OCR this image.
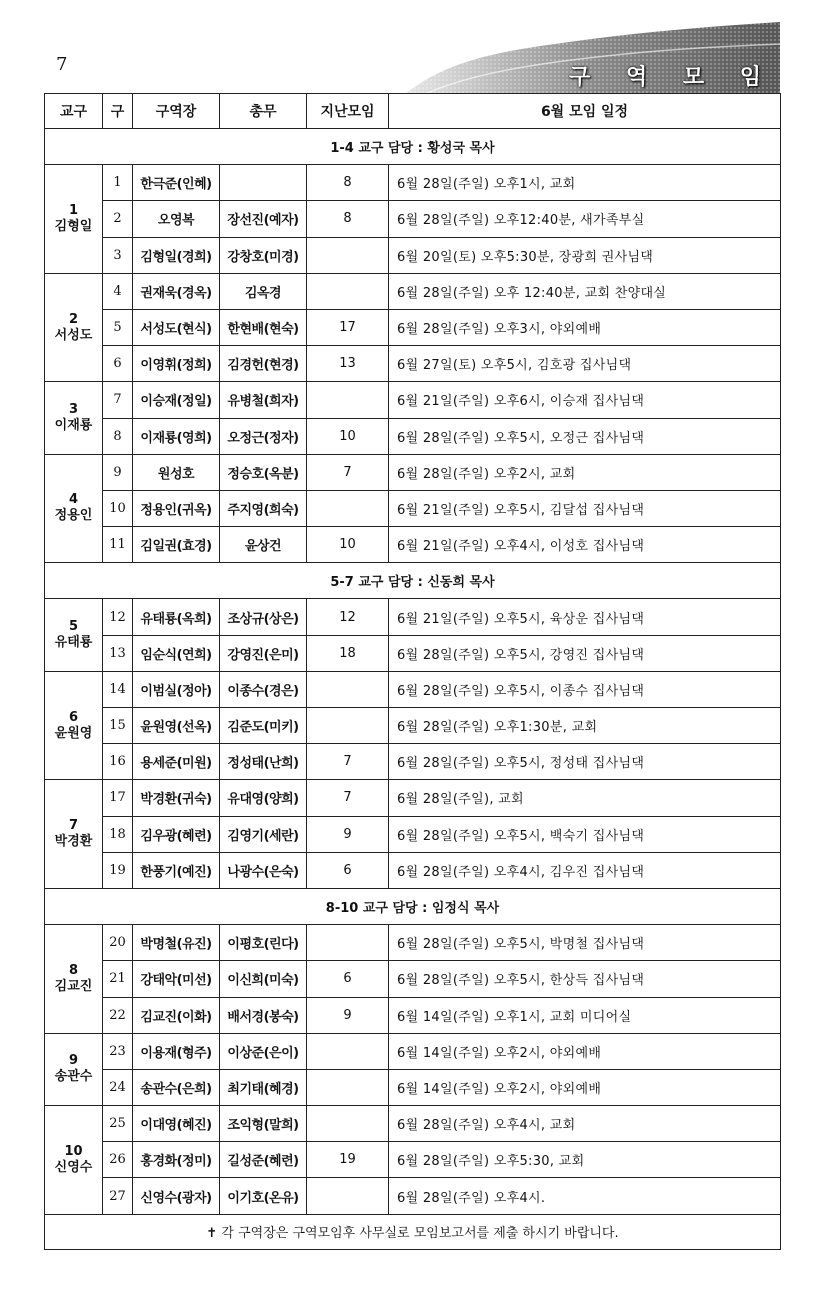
7
구 역 모 임
교구	구	구역장	총무	지난모임	6월 모임 일정
1-4 교구 담당 : 황성국 목사					

1
김형일	1	한극준(인혜)		8	6월 28일(주일) 오후1시, 교회
	2	오영복	장선진(예자)	8	6월 28일(주일) 오후12:40분, 새가족부실
	3	김형일(경희)	강창호(미경)		6월 20일(토) 오후5:30분, 장광희 권사님댁

2
서성도	4	권재욱(경옥)	김옥경		6월 28일(주일) 오후 12:40분, 교회 찬양대실
	5	서성도(현식)	한현배(현숙)	17	6월 28일(주일) 오후3시, 야외예배
	6	이영휘(정희)	김경헌(현경)	13	6월 27일(토) 오후5시, 김호광 집사님댁

3
이재룡	7	이승재(정일)	유병철(희자)		6월 21일(주일) 오후6시, 이승재 집사님댁
	8	이재룡(영희)	오정근(정자)	10	6월 28일(주일) 오후5시, 오정근 집사님댁

4
정용인	9	원성호	정승호(옥분)	7	6월 28일(주일) 오후2시, 교회
	10	정용인(귀옥)	주지영(희숙)		6월 21일(주일) 오후5시, 김달섭 집사님댁
	11	김일권(효경)	윤상건	10	6월 21일(주일) 오후4시, 이성호 집사님댁
5-7 교구 담당 : 신동희 목사					

5
유태룡	12	유태룡(옥희)	조상규(상은)	12	6월 21일(주일) 오후5시, 육상운 집사님댁
	13	임순식(연희)	강영진(은미)	18	6월 28일(주일) 오후5시, 강영진 집사님댁

6
윤원영	14	이범실(정아)	이종수(경은)		6월 28일(주일) 오후5시, 이종수 집사님댁
	15	윤원영(선옥)	김준도(미키)		6월 28일(주일) 오후1:30분, 교회
	16	용세준(미원)	정성태(난희)	7	6월 28일(주일) 오후5시, 정성태 집사님댁

7
박경환	17	박경환(귀숙)	유대영(양희)	7	6월 28일(주일), 교회
	18	김우광(혜련)	김영기(세란)	9	6월 28일(주일) 오후5시, 백숙기 집사님댁
	19	한풍기(예진)	나광수(은숙)	6	6월 28일(주일) 오후4시, 김우진 집사님댁
8-10 교구 담당 : 임정식 목사					

8
김교진	20	박명철(유진)	이평호(린다)		6월 28일(주일) 오후5시, 박명철 집사님댁
	21	강태악(미선)	이신희(미숙)	6	6월 28일(주일) 오후5시, 한상득 집사님댁
	22	김교진(이화)	배서경(봉숙)	9	6월 14일(주일) 오후1시, 교회 미디어실

9
송관수	23	이용재(형주)	이상준(은이)		6월 14일(주일) 오후2시, 야외예배
	24	송관수(은희)	최기태(혜경)		6월 14일(주일) 오후2시, 야외예배

10
신영수	25	이대영(혜진)	조익형(말희)		6월 28일(주일) 오후4시, 교회
	26	홍경화(정미)	길성준(혜련)	19	6월 28일(주일) 오후5:30, 교회
	27	신영수(광자)	이기호(온유)		6월 28일(주일) 오후4시.
✝ 각 구역장은 구역모임후 사무실로 모임보고서를 제출 하시기 바랍니다.					
